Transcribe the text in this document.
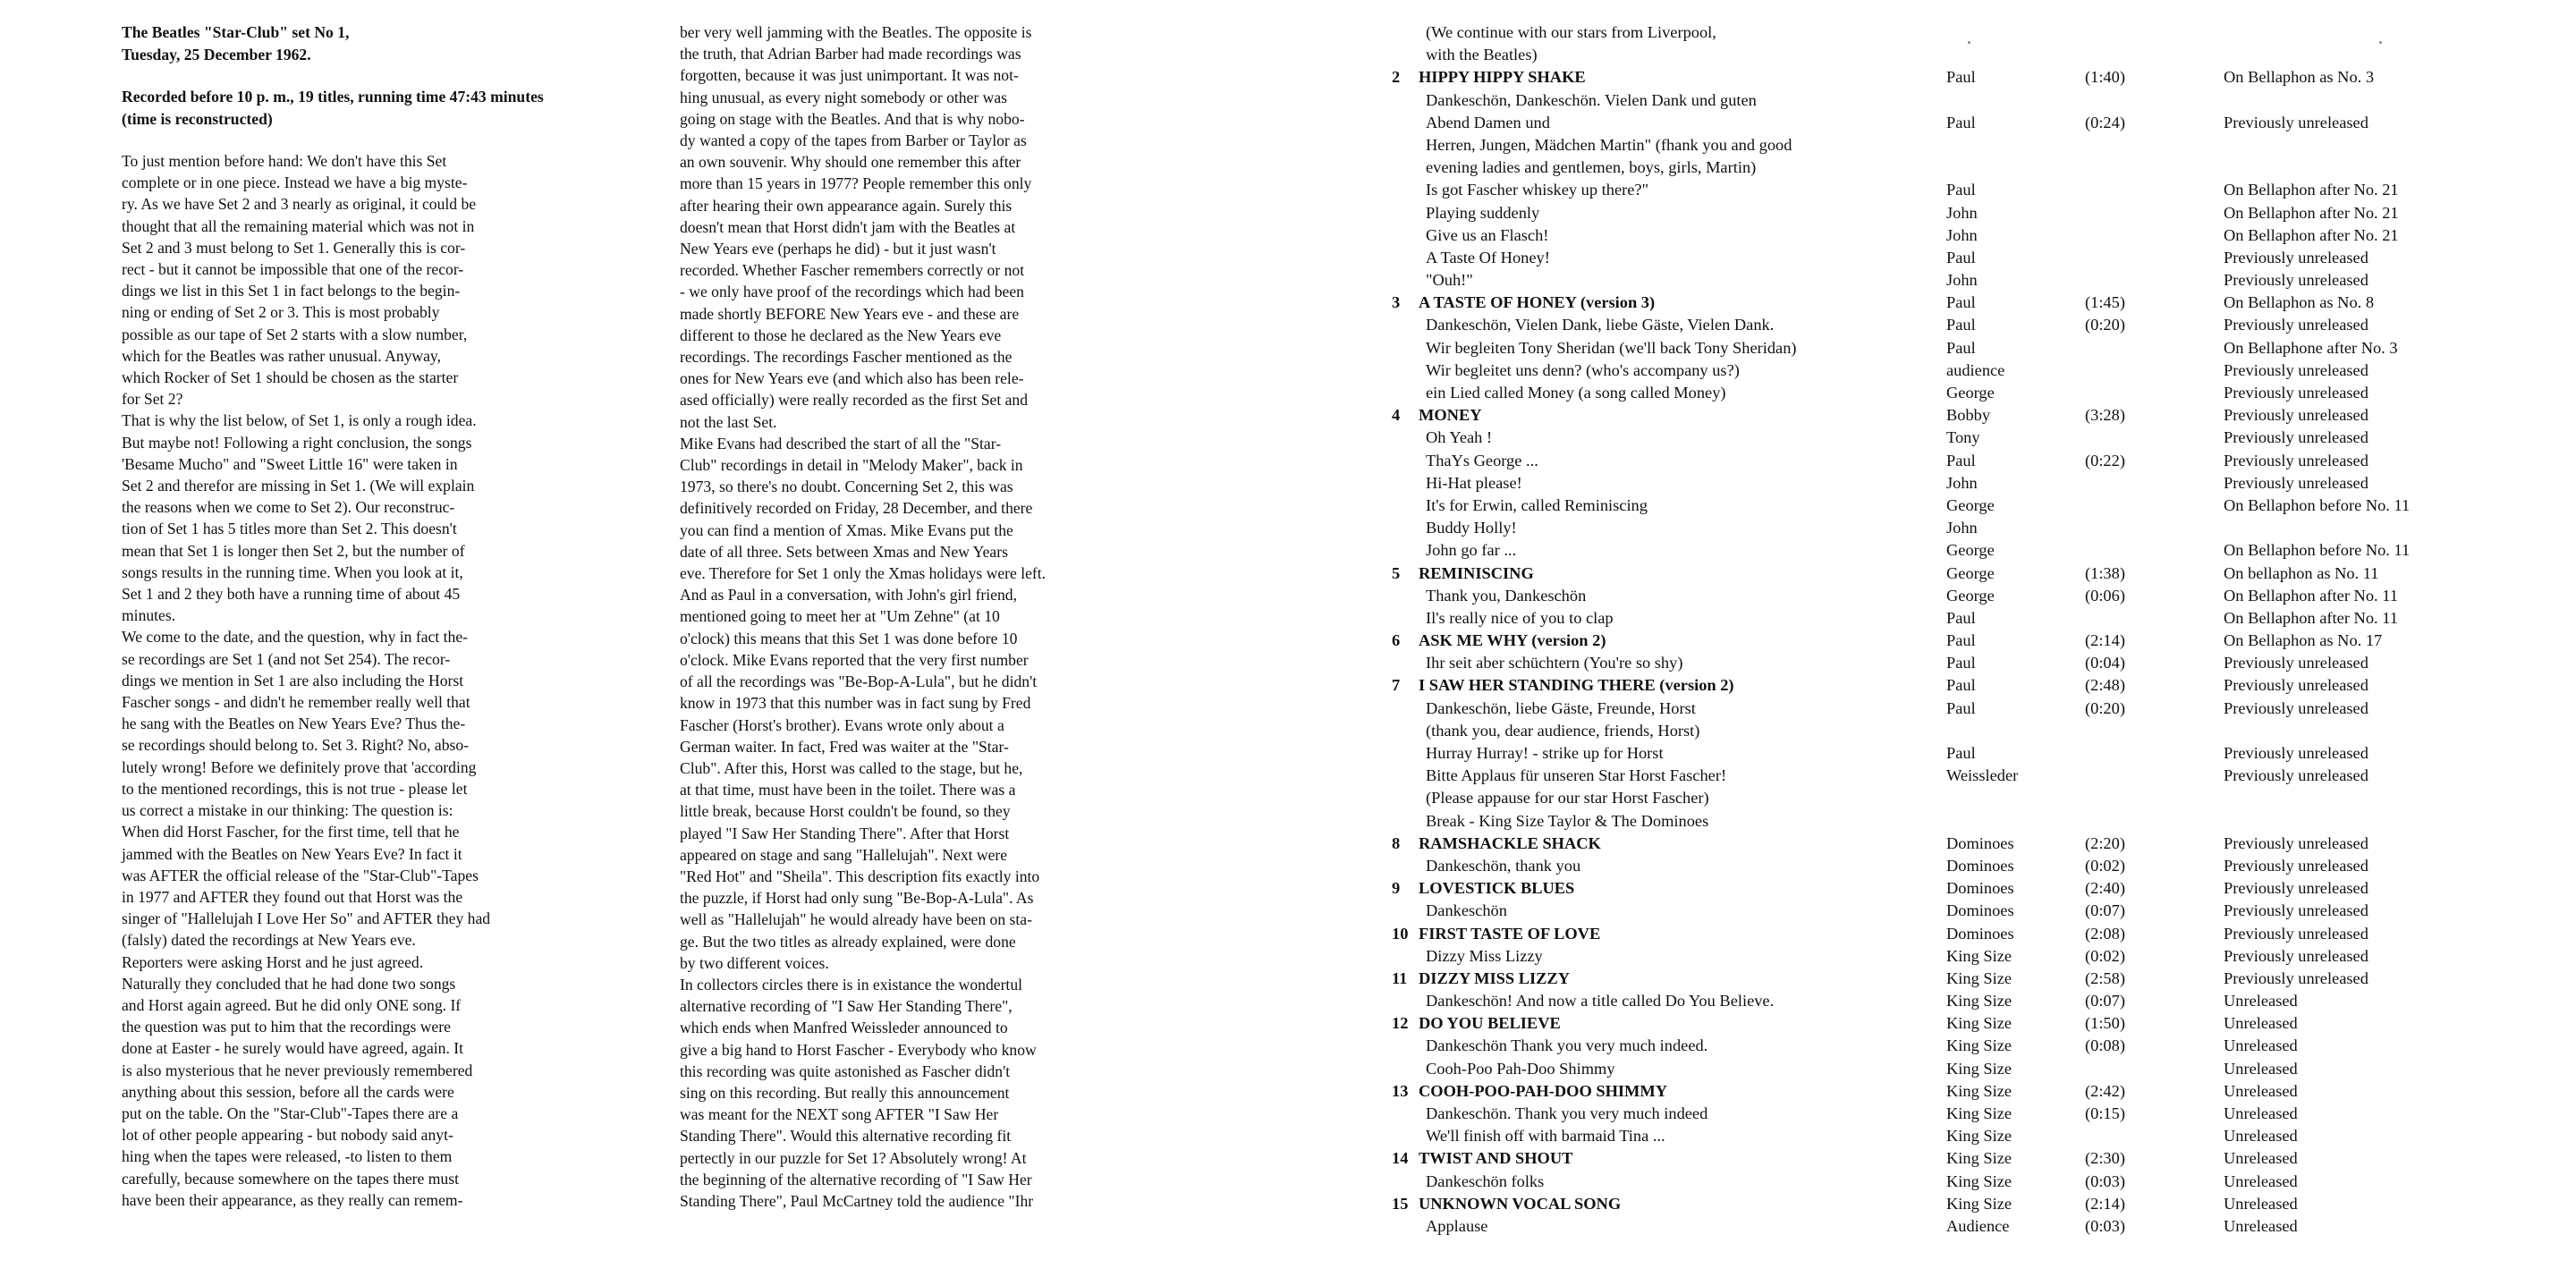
The Beatles "Star-Club" set No 1,

Tuesday, 25 December 1962.

Recorded before 10 p. m., 19 titles, running time 47:43 minutes

(time is reconstructed)

To just mention before hand: We don't have this Set

complete or in one piece. Instead we have a big myste-

ry. As we have Set 2 and 3 nearly as original, it could be

thought that all the remaining material which was not in

Set 2 and 3 must belong to Set 1. Generally this is cor-

rect - but it cannot be impossible that one of the recor-

dings we list in this Set 1 in fact belongs to the begin-

ning or ending of Set 2 or 3. This is most probably

possible as our tape of Set 2 starts with a slow number,

which for the Beatles was rather unusual. Anyway,

which Rocker of Set 1 should be chosen as the starter

for Set 2?

That is why the list below, of Set 1, is only a rough idea.

But maybe not! Following a right conclusion, the songs

'Besame Mucho" and "Sweet Little 16" were taken in

Set 2 and therefor are missing in Set 1. (We will explain

the reasons when we come to Set 2). Our reconstruc-

tion of Set 1 has 5 titles more than Set 2. This doesn't

mean that Set 1 is longer then Set 2, but the number of

songs results in the running time. When you look at it,

Set 1 and 2 they both have a running time of about 45

minutes.

We come to the date, and the question, why in fact the-

se recordings are Set 1 (and not Set 254). The recor-

dings we mention in Set 1 are also including the Horst

Fascher songs - and didn't he remember really well that

he sang with the Beatles on New Years Eve? Thus the-

se recordings should belong to. Set 3. Right? No, abso-

lutely wrong! Before we definitely prove that 'according

to the mentioned recordings, this is not true - please let

us correct a mistake in our thinking: The question is:

When did Horst Fascher, for the first time, tell that he

jammed with the Beatles on New Years Eve? In fact it

was AFTER the official release of the "Star-Club"-Tapes

in 1977 and AFTER they found out that Horst was the

singer of "Hallelujah I Love Her So" and AFTER they had

(falsly) dated the recordings at New Years eve.

Reporters were asking Horst and he just agreed.

Naturally they concluded that he had done two songs

and Horst again agreed. But he did only ONE song. If

the question was put to him that the recordings were

done at Easter - he surely would have agreed, again. It

is also mysterious that he never previously remembered

anything about this session, before all the cards were

put on the table. On the "Star-Club"-Tapes there are a

lot of other people appearing - but nobody said anyt-

hing when the tapes were released, -to listen to them

carefully, because somewhere on the tapes there must

have been their appearance, as they really can remem-

ber very well jamming with the Beatles. The opposite is

the truth, that Adrian Barber had made recordings was

forgotten, because it was just unimportant. It was not-

hing unusual, as every night somebody or other was

going on stage with the Beatles. And that is why nobo-

dy wanted a copy of the tapes from Barber or Taylor as

an own souvenir. Why should one remember this after

more than 15 years in 1977? People remember this only

after hearing their own appearance again. Surely this

doesn't mean that Horst didn't jam with the Beatles at

New Years eve (perhaps he did) - but it just wasn't

recorded. Whether Fascher remembers correctly or not

- we only have proof of the recordings which had been

made shortly BEFORE New Years eve - and these are

different to those he declared as the New Years eve

recordings. The recordings Fascher mentioned as the

ones for New Years eve (and which also has been rele-

ased officially) were really recorded as the first Set and

not the last Set.

Mike Evans had described the start of all the "Star-

Club" recordings in detail in "Melody Maker", back in

1973, so there's no doubt. Concerning Set 2, this was

definitively recorded on Friday, 28 December, and there

you can find a mention of Xmas. Mike Evans put the

date of all three. Sets between Xmas and New Years

eve. Therefore for Set 1 only the Xmas holidays were left.

And as Paul in a conversation, with John's girl friend,

mentioned going to meet her at "Um Zehne" (at 10

o'clock) this means that this Set 1 was done before 10

o'clock. Mike Evans reported that the very first number

of all the recordings was "Be-Bop-A-Lula", but he didn't

know in 1973 that this number was in fact sung by Fred

Fascher (Horst's brother). Evans wrote only about a

German waiter. In fact, Fred was waiter at the "Star-

Club". After this, Horst was called to the stage, but he,

at that time, must have been in the toilet. There was a

little break, because Horst couldn't be found, so they

played "I Saw Her Standing There". After that Horst

appeared on stage and sang "Hallelujah". Next were

"Red Hot" and "Sheila". This description fits exactly into

the puzzle, if Horst had only sung "Be-Bop-A-Lula". As

well as "Hallelujah" he would already have been on sta-

ge. But the two titles as already explained, were done

by two different voices.

In collectors circles there is in existance the wondertul

alternative recording of "I Saw Her Standing There",

which ends when Manfred Weissleder announced to

give a big hand to Horst Fascher - Everybody who know

this recording was quite astonished as Fascher didn't

sing on this recording. But really this announcement

was meant for the NEXT song AFTER "I Saw Her

Standing There". Would this alternative recording fit

pertectly in our puzzle for Set 1? Absolutely wrong! At

the beginning of the alternative recording of "I Saw Her

Standing There", Paul McCartney told the audience "Ihr

(We continue with our stars from Liverpool,
with the Beatles)
2	HIPPY HIPPY SHAKE	Paul	(1:40)	On Bellaphon as No. 3
Dankeschön, Dankeschön. Vielen Dank und guten
Abend Damen und	Paul	(0:24)	Previously unreleased
Herren, Jungen, Mädchen Martin" (fhank you and good
evening ladies and gentlemen, boys, girls, Martin)
Is got Fascher whiskey up there?"	Paul	On Bellaphon after No. 21
Playing suddenly	John	On Bellaphon after No. 21
Give us an Flasch!	John	On Bellaphon after No. 21
A Taste Of Honey!	Paul	Previously unreleased
"Ouh!"	John	Previously unreleased
3	A TASTE OF HONEY (version 3)	Paul	(1:45)	On Bellaphon as No. 8
Dankeschön, Vielen Dank, liebe Gäste, Vielen Dank.	Paul	(0:20)	Previously unreleased
Wir begleiten Tony Sheridan (we'll back Tony Sheridan)	Paul	On Bellaphone after No. 3
Wir begleitet uns denn? (who's accompany us?)	audience	Previously unreleased
ein Lied called Money (a song called Money)	George	Previously unreleased
4	MONEY	Bobby	(3:28)	Previously unreleased
Oh Yeah !	Tony	Previously unreleased
ThaYs George ...	Paul	(0:22)	Previously unreleased
Hi-Hat please!	John	Previously unreleased
It's for Erwin, called Reminiscing	George	On Bellaphon before No. 11
Buddy Holly!	John
John go far ...	George	On Bellaphon before No. 11
5	REMINISCING	George	(1:38)	On bellaphon as No. 11
Thank you, Dankeschön	George	(0:06)	On Bellaphon after No. 11
Il's really nice of you to clap	Paul	On Bellaphon after No. 11
6	ASK ME WHY (version 2)	Paul	(2:14)	On Bellaphon as No. 17
Ihr seit aber schüchtern (You're so shy)	Paul	(0:04)	Previously unreleased
7	I SAW HER STANDING THERE (version 2)	Paul	(2:48)	Previously unreleased
Dankeschön, liebe Gäste, Freunde, Horst	Paul	(0:20)	Previously unreleased
(thank you, dear audience, friends, Horst)
Hurray Hurray! - strike up for Horst	Paul	Previously unreleased
Bitte Applaus für unseren Star Horst Fascher!	Weissleder	Previously unreleased
(Please appause for our star Horst Fascher)
Break - King Size Taylor & The Dominoes
8	RAMSHACKLE SHACK	Dominoes	(2:20)	Previously unreleased
Dankeschön, thank you	Dominoes	(0:02)	Previously unreleased
9	LOVESTICK BLUES	Dominoes	(2:40)	Previously unreleased
Dankeschön	Dominoes	(0:07)	Previously unreleased
10 FIRST TASTE OF LOVE	Dominoes	(2:08)	Previously unreleased
Dizzy Miss Lizzy	King Size	(0:02)	Previously unreleased
11 DIZZY MISS LIZZY	King Size	(2:58)	Previously unreleased
Dankeschön! And now a title called Do You Believe.	King Size	(0:07)	Unreleased
12 DO YOU BELIEVE	King Size	(1:50)	Unreleased
Dankeschön Thank you very much indeed.	King Size	(0:08)	Unreleased
Cooh-Poo Pah-Doo Shimmy	King Size	Unreleased
13 COOH-POO-PAH-DOO SHIMMY	King Size	(2:42)	Unreleased
Dankeschön. Thank you very much indeed	King Size	(0:15)	Unreleased
We'll finish off with barmaid Tina ...	King Size	Unreleased
14 TWIST AND SHOUT	King Size	(2:30)	Unreleased
Dankeschön folks	King Size	(0:03)	Unreleased
15 UNKNOWN VOCAL SONG	King Size	(2:14)	Unreleased
Applause	Audience	(0:03)	Unreleased
